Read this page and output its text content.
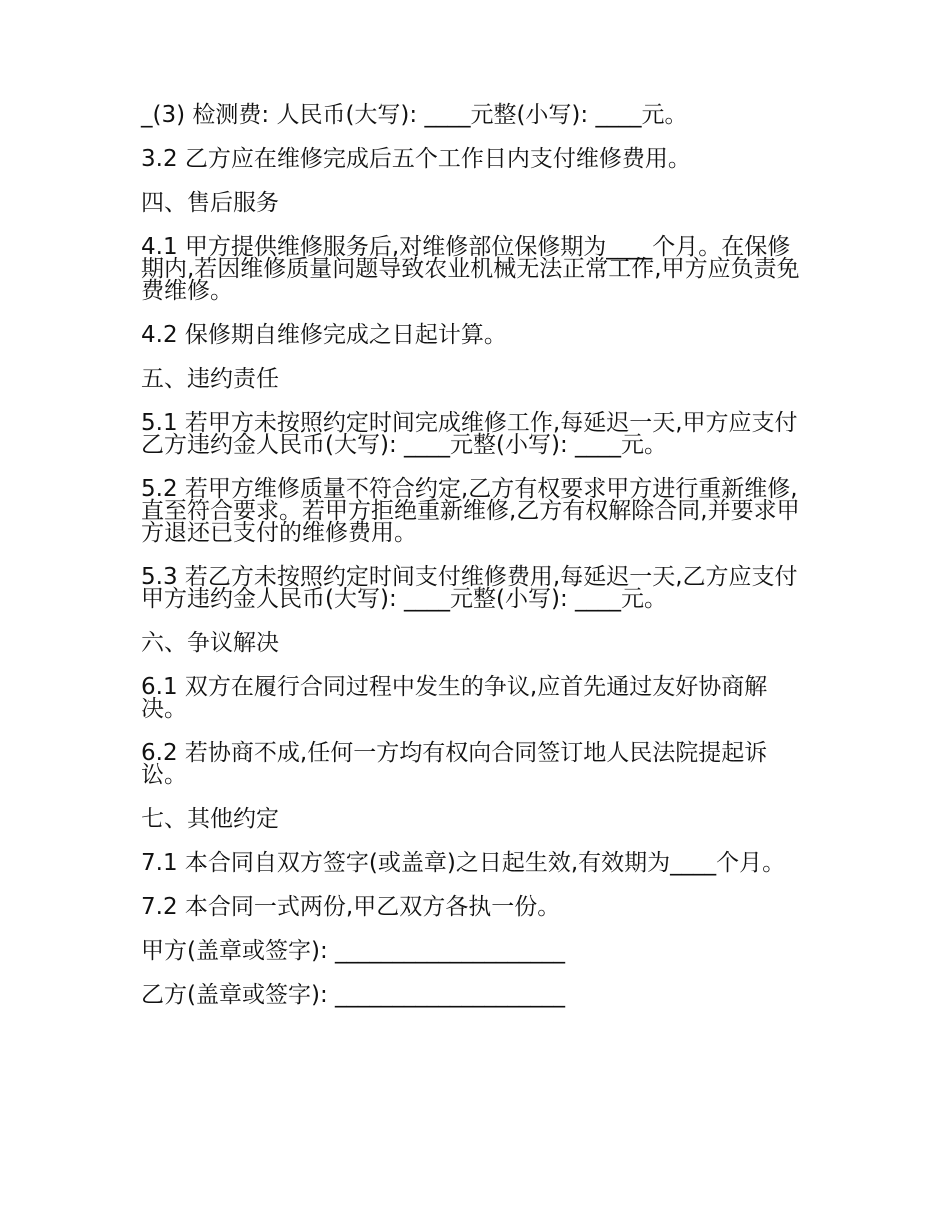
_(3) 检测费: 人民币(大写): ____元整(小写): ____元。

3.2 乙方应在维修完成后五个工作日内支付维修费用。

四、售后服务

4.1 甲方提供维修服务后,对维修部位保修期为____个月。在保修期内,若因维修质量问题导致农业机械无法正常工作,甲方应负责免费维修。

4.2 保修期自维修完成之日起计算。

五、违约责任

5.1 若甲方未按照约定时间完成维修工作,每延迟一天,甲方应支付乙方违约金人民币(大写): ____元整(小写): ____元。

5.2 若甲方维修质量不符合约定,乙方有权要求甲方进行重新维修,直至符合要求。若甲方拒绝重新维修,乙方有权解除合同,并要求甲方退还已支付的维修费用。

5.3 若乙方未按照约定时间支付维修费用,每延迟一天,乙方应支付甲方违约金人民币(大写): ____元整(小写): ____元。

六、争议解决

6.1 双方在履行合同过程中发生的争议,应首先通过友好协商解决。

6.2 若协商不成,任何一方均有权向合同签订地人民法院提起诉讼。

七、其他约定

7.1 本合同自双方签字(或盖章)之日起生效,有效期为____个月。

7.2 本合同一式两份,甲乙双方各执一份。

甲方(盖章或签字): ____________________

乙方(盖章或签字): ____________________
